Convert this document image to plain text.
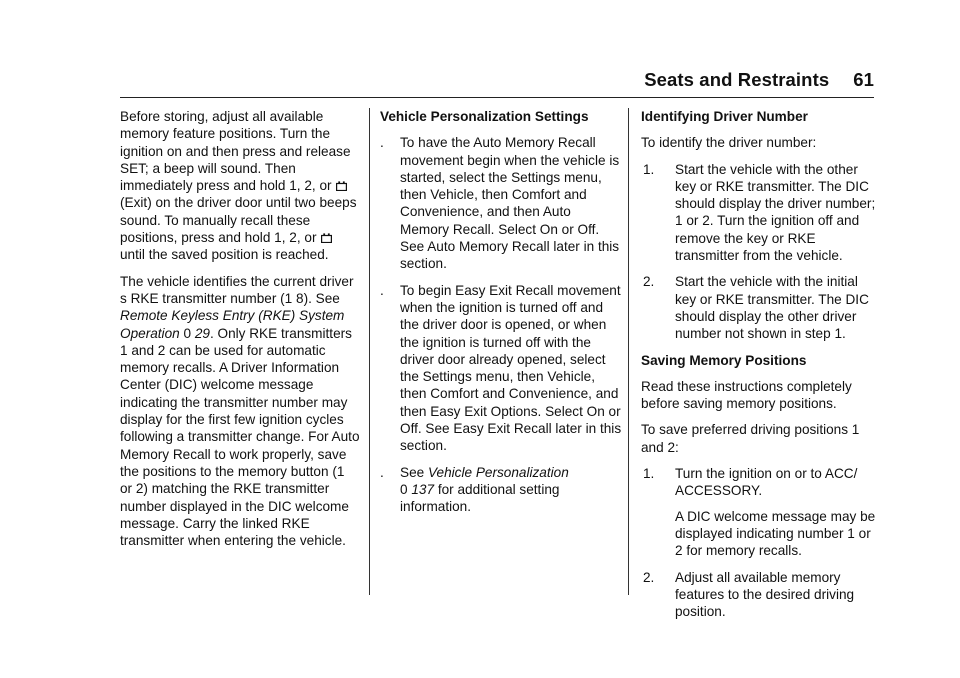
Seats and Restraints 61

Before storing, adjust all available memory feature positions. Turn the ignition on and then press and release SET; a beep will sound. Then immediately press and hold 1, 2, or  (Exit) on the driver door until two beeps sound. To manually recall these positions, press and hold 1, 2, or  until the saved position is reached.

The vehicle identifies the current driver s RKE transmitter number (1 8). See Remote Keyless Entry (RKE) System Operation 0 29. Only RKE transmitters 1 and 2 can be used for automatic memory recalls. A Driver Information Center (DIC) welcome message indicating the transmitter number may display for the first few ignition cycles following a transmitter change. For Auto Memory Recall to work properly, save the positions to the memory button (1 or 2) matching the RKE transmitter number displayed in the DIC welcome message. Carry the linked RKE transmitter when entering the vehicle.

Vehicle Personalization Settings
. To have the Auto Memory Recall movement begin when the vehicle is started, select the Settings menu, then Vehicle, then Comfort and Convenience, and then Auto Memory Recall. Select On or Off. See Auto Memory Recall later in this section.
. To begin Easy Exit Recall movement when the ignition is turned off and the driver door is opened, or when the ignition is turned off with the driver door already opened, select the Settings menu, then Vehicle, then Comfort and Convenience, and then Easy Exit Options. Select On or Off. See Easy Exit Recall later in this section.
. See Vehicle Personalization
0 137 for additional setting information.
Identifying Driver Number

To identify the driver number:

1. Start the vehicle with the other key or RKE transmitter. The DIC should display the driver number; 1 or 2. Turn the ignition off and remove the key or RKE transmitter from the vehicle.
2. Start the vehicle with the initial key or RKE transmitter. The DIC should display the other driver number not shown in step 1.
Saving Memory Positions

Read these instructions completely before saving memory positions.

To save preferred driving positions 1 and 2:

1. Turn the ignition on or to ACC/ ACCESSORY.
A DIC welcome message may be displayed indicating number 1 or 2 for memory recalls.
2. Adjust all available memory features to the desired driving position.
